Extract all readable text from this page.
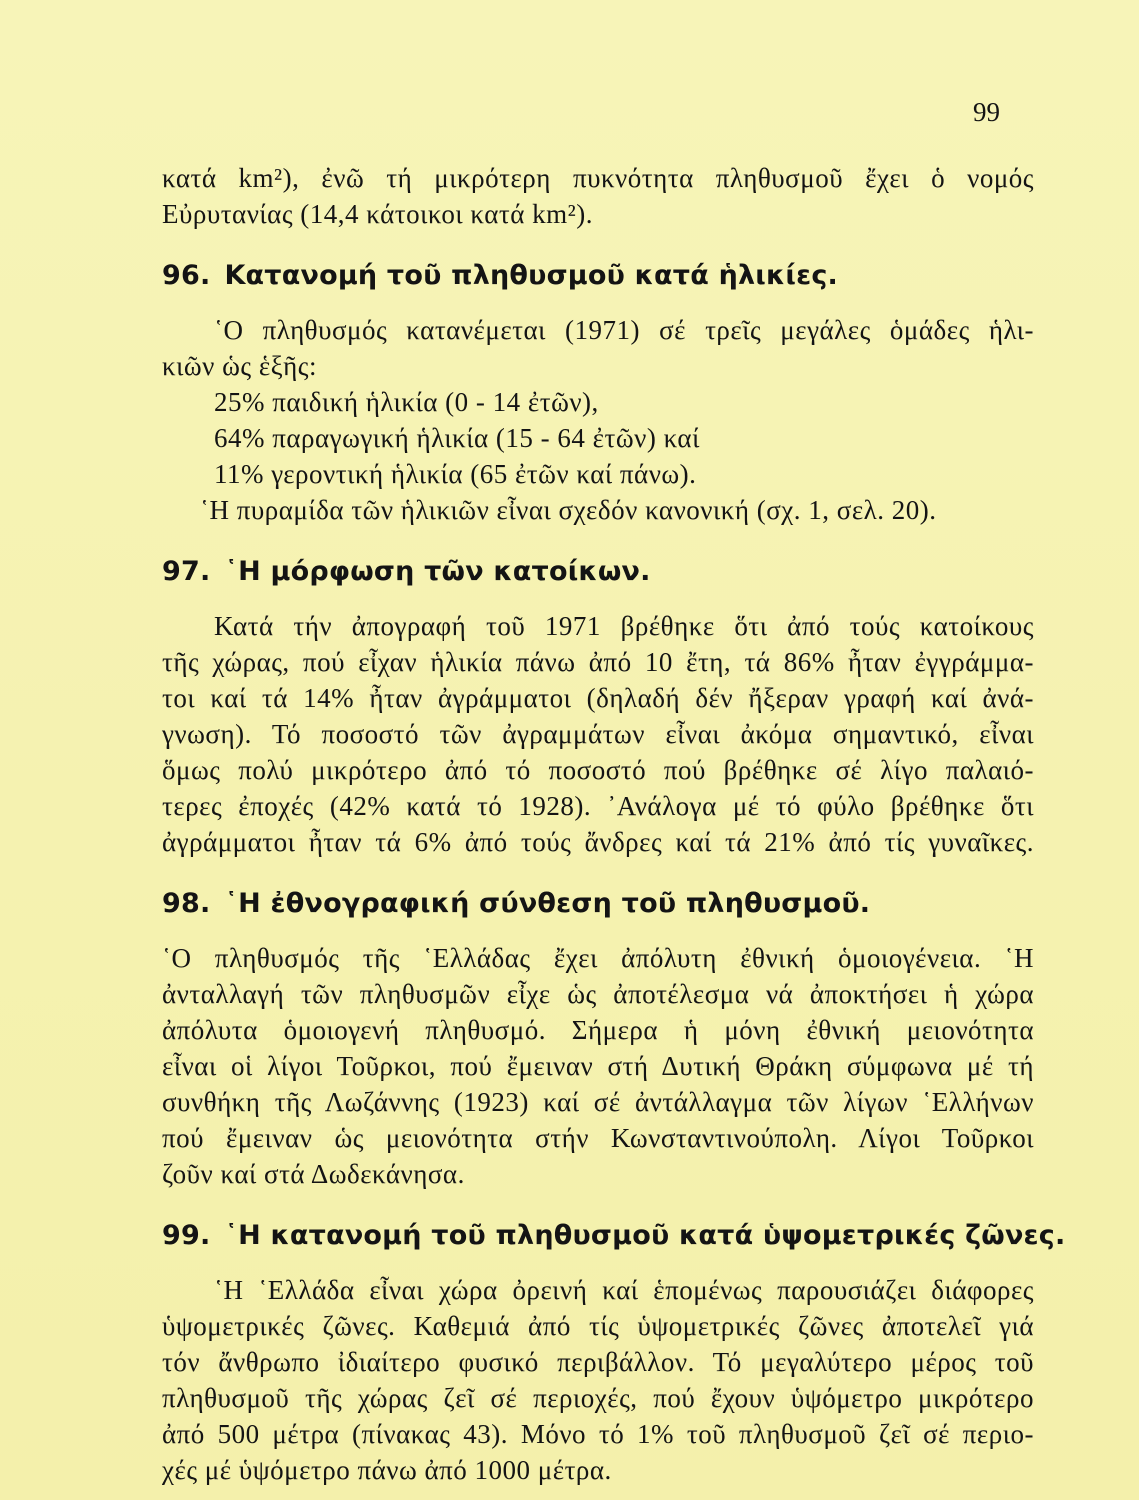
99
κατά km²), ἐνῶ τή μικρότερη πυκνότητα πληθυσμοῦ ἔχει ὁ νομός
Εὐρυτανίας (14,4 κάτοικοι κατά km²).
96. Κατανομή τοῦ πληθυσμοῦ κατά ἡλικίες.
῾Ο πληθυσμός κατανέμεται (1971) σέ τρεῖς μεγάλες ὁμάδες ἡλι-
κιῶν ὡς ἑξῆς:
25% παιδική ἡλικία (0 - 14 ἐτῶν),
64% παραγωγική ἡλικία (15 - 64 ἐτῶν) καί
11% γεροντική ἡλικία (65 ἐτῶν καί πάνω).
῾Η πυραμίδα τῶν ἡλικιῶν εἶναι σχεδόν κανονική (σχ. 1, σελ. 20).
97. ῾Η μόρφωση τῶν κατοίκων.
Κατά τήν ἀπογραφή τοῦ 1971 βρέθηκε ὅτι ἀπό τούς κατοίκους
τῆς χώρας, πού εἶχαν ἡλικία πάνω ἀπό 10 ἔτη, τά 86% ἦταν ἐγγράμμα-
τοι καί τά 14% ἦταν ἀγράμματοι (δηλαδή δέν ἤξεραν γραφή καί ἀνά-
γνωση). Τό ποσοστό τῶν ἀγραμμάτων εἶναι ἀκόμα σημαντικό, εἶναι
ὅμως πολύ μικρότερο ἀπό τό ποσοστό πού βρέθηκε σέ λίγο παλαιό-
τερες ἐποχές (42% κατά τό 1928). ᾿Ανάλογα μέ τό φύλο βρέθηκε ὅτι
ἀγράμματοι ἦταν τά 6% ἀπό τούς ἄνδρες καί τά 21% ἀπό τίς γυναῖκες.
98. ῾Η ἐθνογραφική σύνθεση τοῦ πληθυσμοῦ.
῾Ο πληθυσμός τῆς ῾Ελλάδας ἔχει ἀπόλυτη ἐθνική ὁμοιογένεια. ῾Η
ἀνταλλαγή τῶν πληθυσμῶν εἶχε ὡς ἀποτέλεσμα νά ἀποκτήσει ἡ χώρα
ἀπόλυτα ὁμοιογενή πληθυσμό. Σήμερα ἡ μόνη ἐθνική μειονότητα
εἶναι οἱ λίγοι Τοῦρκοι, πού ἔμειναν στή Δυτική Θράκη σύμφωνα μέ τή
συνθήκη τῆς Λωζάννης (1923) καί σέ ἀντάλλαγμα τῶν λίγων ῾Ελλήνων
πού ἔμειναν ὡς μειονότητα στήν Κωνσταντινούπολη. Λίγοι Τοῦρκοι
ζοῦν καί στά Δωδεκάνησα.
99. ῾Η κατανομή τοῦ πληθυσμοῦ κατά ὑψομετρικές ζῶνες.
῾Η ῾Ελλάδα εἶναι χώρα ὀρεινή καί ἑπομένως παρουσιάζει διάφορες
ὑψομετρικές ζῶνες. Καθεμιά ἀπό τίς ὑψομετρικές ζῶνες ἀποτελεῖ γιά
τόν ἄνθρωπο ἰδιαίτερο φυσικό περιβάλλον. Τό μεγαλύτερο μέρος τοῦ
πληθυσμοῦ τῆς χώρας ζεῖ σέ περιοχές, πού ἔχουν ὑψόμετρο μικρότερο
ἀπό 500 μέτρα (πίνακας 43). Μόνο τό 1% τοῦ πληθυσμοῦ ζεῖ σέ περιο-
χές μέ ὑψόμετρο πάνω ἀπό 1000 μέτρα.
